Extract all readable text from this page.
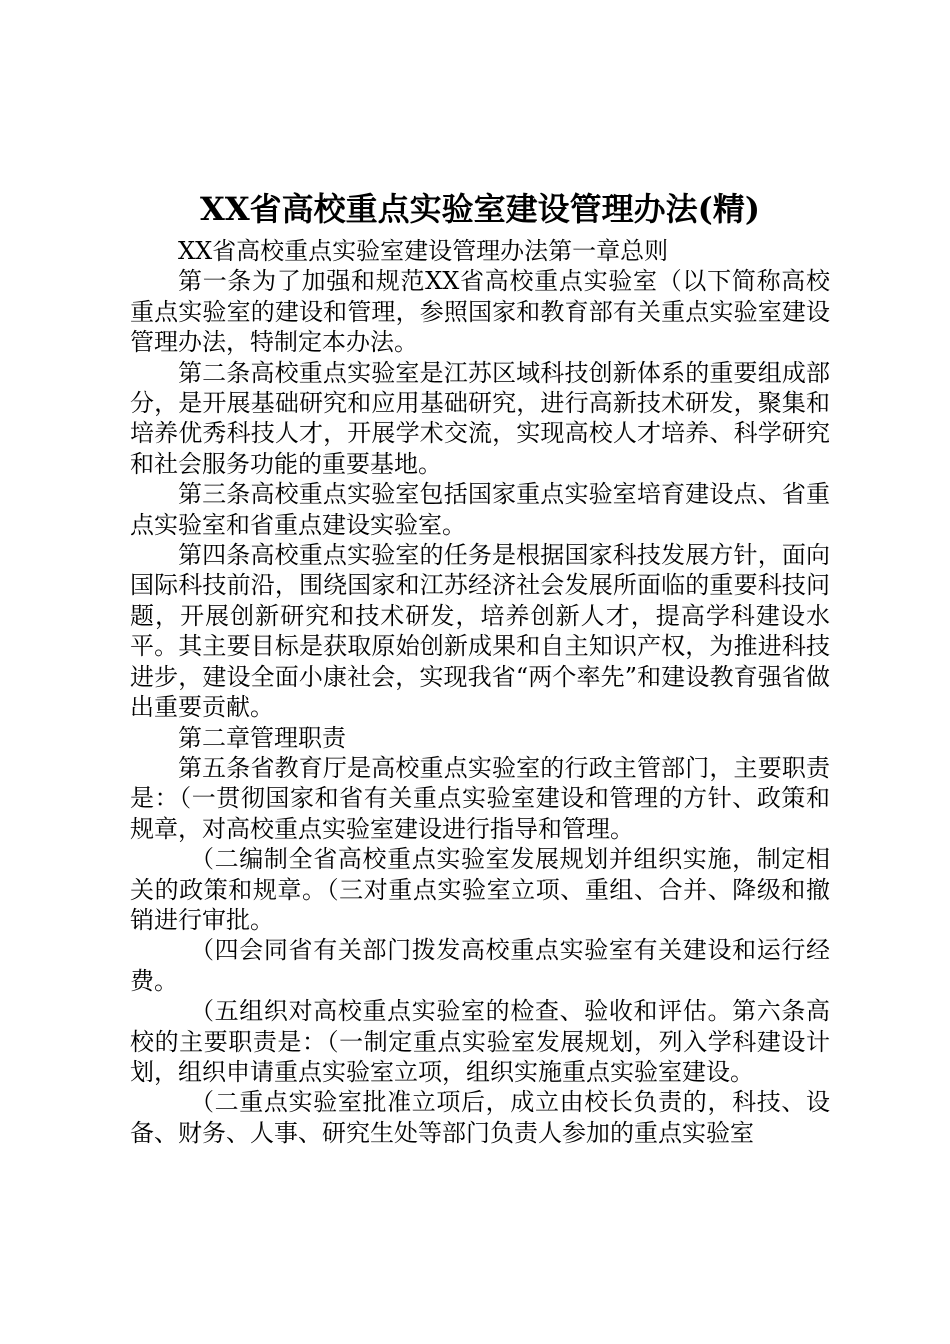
XX省高校重点实验室建设管理办法(精)

XX省高校重点实验室建设管理办法第一章总则

第一条为了加强和规范XX省高校重点实验室（以下简称高校重点实验室的建设和管理，参照国家和教育部有关重点实验室建设管理办法，特制定本办法。

第二条高校重点实验室是江苏区域科技创新体系的重要组成部分，是开展基础研究和应用基础研究，进行高新技术研发，聚集和培养优秀科技人才，开展学术交流，实现高校人才培养、科学研究和社会服务功能的重要基地。

第三条高校重点实验室包括国家重点实验室培育建设点、省重点实验室和省重点建设实验室。

第四条高校重点实验室的任务是根据国家科技发展方针，面向国际科技前沿，围绕国家和江苏经济社会发展所面临的重要科技问题，开展创新研究和技术研发，培养创新人才，提高学科建设水平。其主要目标是获取原始创新成果和自主知识产权，为推进科技进步，建设全面小康社会，实现我省“两个率先”和建设教育强省做出重要贡献。

第二章管理职责

第五条省教育厅是高校重点实验室的行政主管部门，主要职责是：（一贯彻国家和省有关重点实验室建设和管理的方针、政策和规章，对高校重点实验室建设进行指导和管理。

（二编制全省高校重点实验室发展规划并组织实施，制定相关的政策和规章。（三对重点实验室立项、重组、合并、降级和撤销进行审批。

（四会同省有关部门拨发高校重点实验室有关建设和运行经费。

（五组织对高校重点实验室的检查、验收和评估。第六条高校的主要职责是：（一制定重点实验室发展规划，列入学科建设计划，组织申请重点实验室立项，组织实施重点实验室建设。

（二重点实验室批准立项后，成立由校长负责的，科技、设备、财务、人事、研究生处等部门负责人参加的重点实验室
